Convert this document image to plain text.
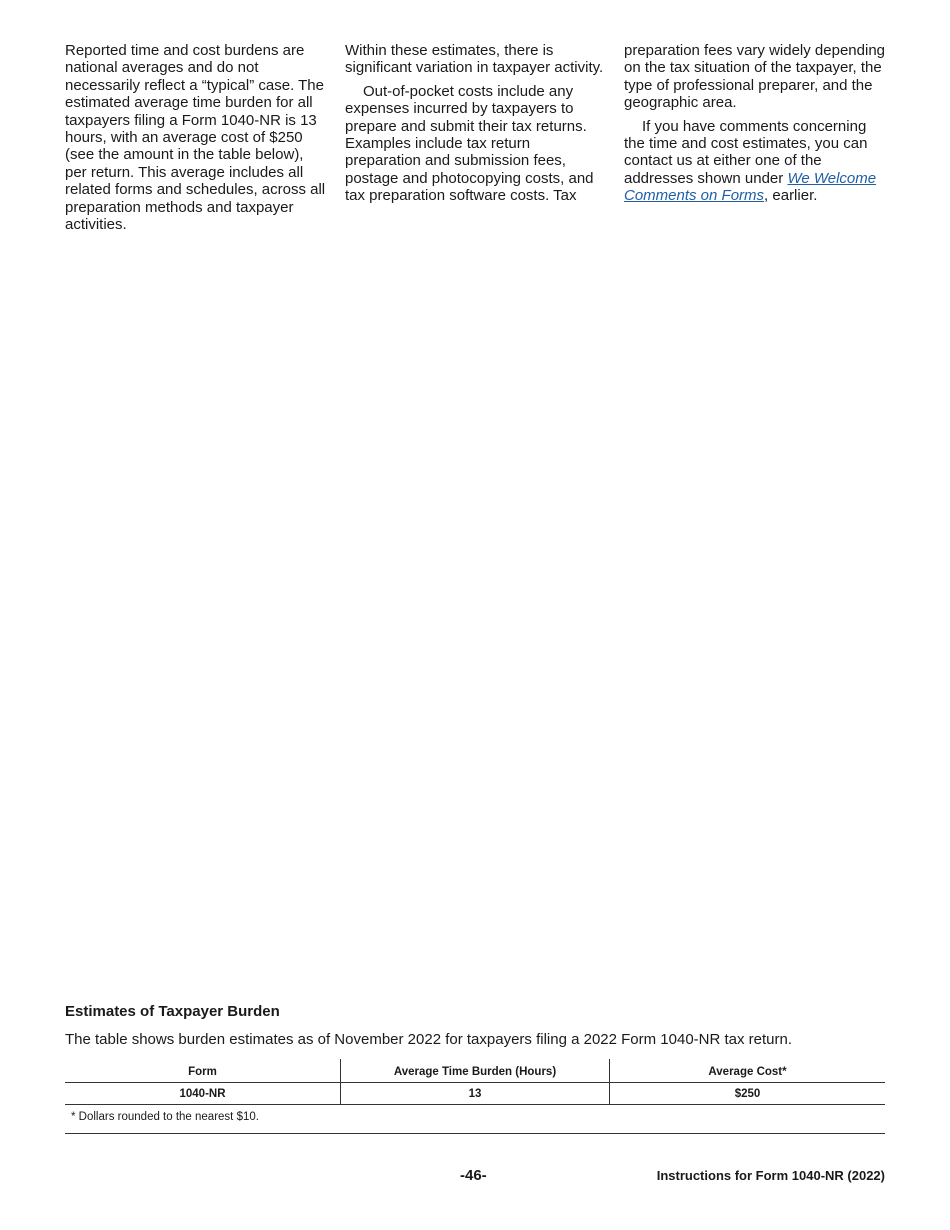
Reported time and cost burdens are national averages and do not necessarily reflect a “typical” case. The estimated average time burden for all taxpayers filing a Form 1040-NR is 13 hours, with an average cost of $250 (see the amount in the table below), per return. This average includes all related forms and schedules, across all preparation methods and taxpayer activities.

Within these estimates, there is significant variation in taxpayer activity.

Out-of-pocket costs include any expenses incurred by taxpayers to prepare and submit their tax returns. Examples include tax return preparation and submission fees, postage and photocopying costs, and tax preparation software costs. Tax

preparation fees vary widely depending on the tax situation of the taxpayer, the type of professional preparer, and the geographic area.

If you have comments concerning the time and cost estimates, you can contact us at either one of the addresses shown under We Welcome Comments on Forms, earlier.

Estimates of Taxpayer Burden

The table shows burden estimates as of November 2022 for taxpayers filing a 2022 Form 1040-NR tax return.

Form	Average Time Burden (Hours)	Average Cost*
1040-NR	13	$250
* Dollars rounded to the nearest $10.
-46-	Instructions for Form 1040-NR (2022)
